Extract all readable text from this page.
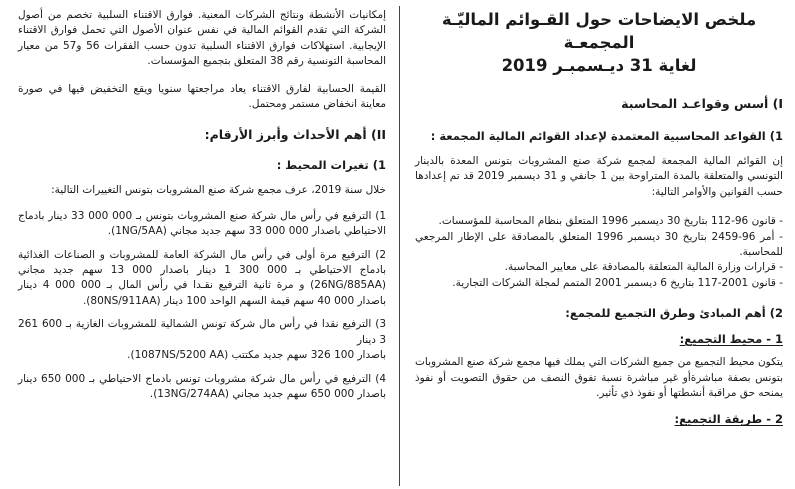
ملخص الايضاحات حول القـوائم الماليّـة المجمعـة
لغاية 31 ديـسمبـر 2019
I) أسس وقواعـد المحاسبة

1) القواعد المحاسبية المعتمدة لإعداد القوائم المالية المجمعة :

إن القوائم المالية المجمعة لمجمع شركة صنع المشروبات بتونس المعدة بالدينار التونسي والمتعلقة بالمدة المتراوحة بين 1 جانفي و 31 ديسمبر 2019 قد تم إعدادها حسب القوانين والأوامر التالية:

- قانون 96-112 بتاريخ 30 ديسمبر 1996 المتعلق بنظام المحاسبة للمؤسسات.
- أمر 96-2459 بتاريخ 30 ديسمبر 1996 المتعلق بالمصادقة على الإطار المرجعي للمحاسبة.
- قرارات وزارة المالية المتعلقة بالمصادقة على معايير المحاسبة.
- قانون 2001-117 بتاريخ 6 ديسمبر 2001 المتمم لمجلة الشركات التجارية.

2) أهم المبادئ وطرق التجميع للمجمع:

1 - محيط التجميع:

يتكون محيط التجميع من جميع الشركات التي يملك فيها مجمع شركة صنع المشروبات بتونس بصفة مباشرةأو غير مباشرة نسبة تفوق النصف من حقوق التصويت أو نفوذ يمنحه حق مراقبة أنشطتها أو نفوذ ذي تأثير.

2 - طريقة التجميع:

إمكانيات الأنشطة ونتائج الشركات المعنية. فوارق الاقتناء السلبية تخصم من أصول الشركة التي تقدم القوائم المالية في نفس عنوان الأصول التي تحمل فوارق الاقتناء الإيجابية. استهلاكات فوارق الاقتناء السلبية تدون حسب الفقرات 56 و57 من معيار المحاسبة التونسية رقم 38 المتعلق بتجميع المؤسسات.

القيمة الحسابية لفارق الاقتناء يعاد مراجعتها سنويا ويقع التخفيض فيها في صورة معاينة انخفاض مستمر ومحتمل.

II) أهم الأحداث وأبرز الأرقام:

1) تغيرات المحيط :

خلال سنة 2019، عرف مجمع شركة صنع المشروبات بتونس التغييرات التالية:

1) الترفيع في رأس مال شركة صنع المشروبات بتونس بـ 000 000 33 دينار بادماج الاحتياطي باصدار 000 000 33 سهم جديد مجاني (1NG/5AA).

2) الترفيع مرة أولى في رأس مال الشركة العامة للمشروبات و الصناعات الغذائية بادماج الاحتياطي بـ 000 300 1 دينار باصدار 000 13 سهم جديد مجاني (26NG/885AA) و مرة ثانية الترفيع نقـدا في رأس المال بـ 000 000 4 دينار باصدار 000 40 سهم قيمة السهم الواحد 100 دينار (80NS/911AA).

3) الترفيع نقدا في رأس مال شركة تونس الشمالية للمشروبات الغازية بـ 600 261 3 دينار

باصدار 100 326 سهم جديد مكتتب (1087NS/5200 AA).

4) الترفيع في رأس مال شركة مشروبات تونس بادماج الاحتياطي بـ 000 650 دينار باصدار 000 650 سهم جديد مجاني (13NG/274AA).
